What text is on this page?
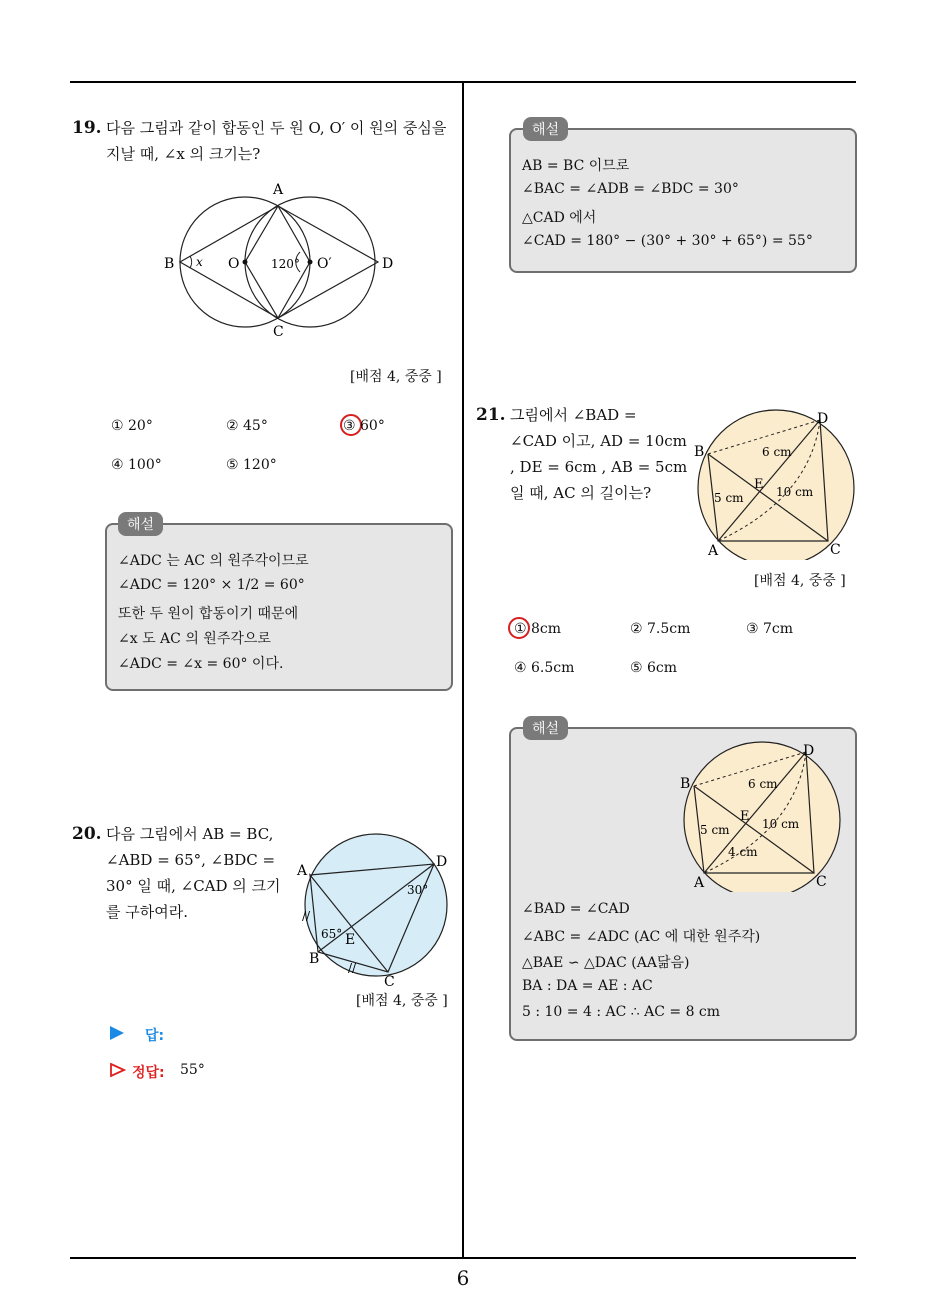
6
19. 다음 그림과 같이 합동인 두 원 O, O′ 이 원의 중심을
지날 때, ∠x 의 크기는?
A
B
C
D
O	O′
120°
x
[배점 4, 중중 ]
① 20°	② 45°	③ 60°
④ 100°	⑤ 120°
해설
∠ADC 는 AC 의 원주각이므로
∠ADC = 120° × 1/2 = 60°
또한 두 원이 합동이기 때문에
∠x 도 AC 의 원주각으로
∠ADC = ∠x = 60° 이다.
20. 다음 그림에서 AB = BC,
∠ABD = 65°, ∠BDC =
30° 일 때, ∠CAD 의 크기
를 구하여라.
A
D
B
C
E
65°
30°
//
//
[배점 4, 중중 ]
답:
정답: 55°
해설
AB = BC 이므로
∠BAC = ∠ADB = ∠BDC = 30°
△CAD 에서
∠CAD = 180° − (30° + 30° + 65°) = 55°
21. 그림에서 ∠BAD =
∠CAD 이고, AD = 10cm
, DE = 6cm , AB = 5cm
일 때, AC 의 길이는?
B
D
A	C
E
6 cm
5 cm	10 cm
[배점 4, 중중 ]
① 8cm	② 7.5cm	③ 7cm
④ 6.5cm	⑤ 6cm
해설
B
D
A	C
E
6 cm
5 cm	10 cm
4 cm
∠BAD = ∠CAD
∠ABC = ∠ADC (AC 에 대한 원주각)
△BAE ∽ △DAC (AA닮음)
BA : DA = AE : AC
5 : 10 = 4 : AC ∴ AC = 8 cm
